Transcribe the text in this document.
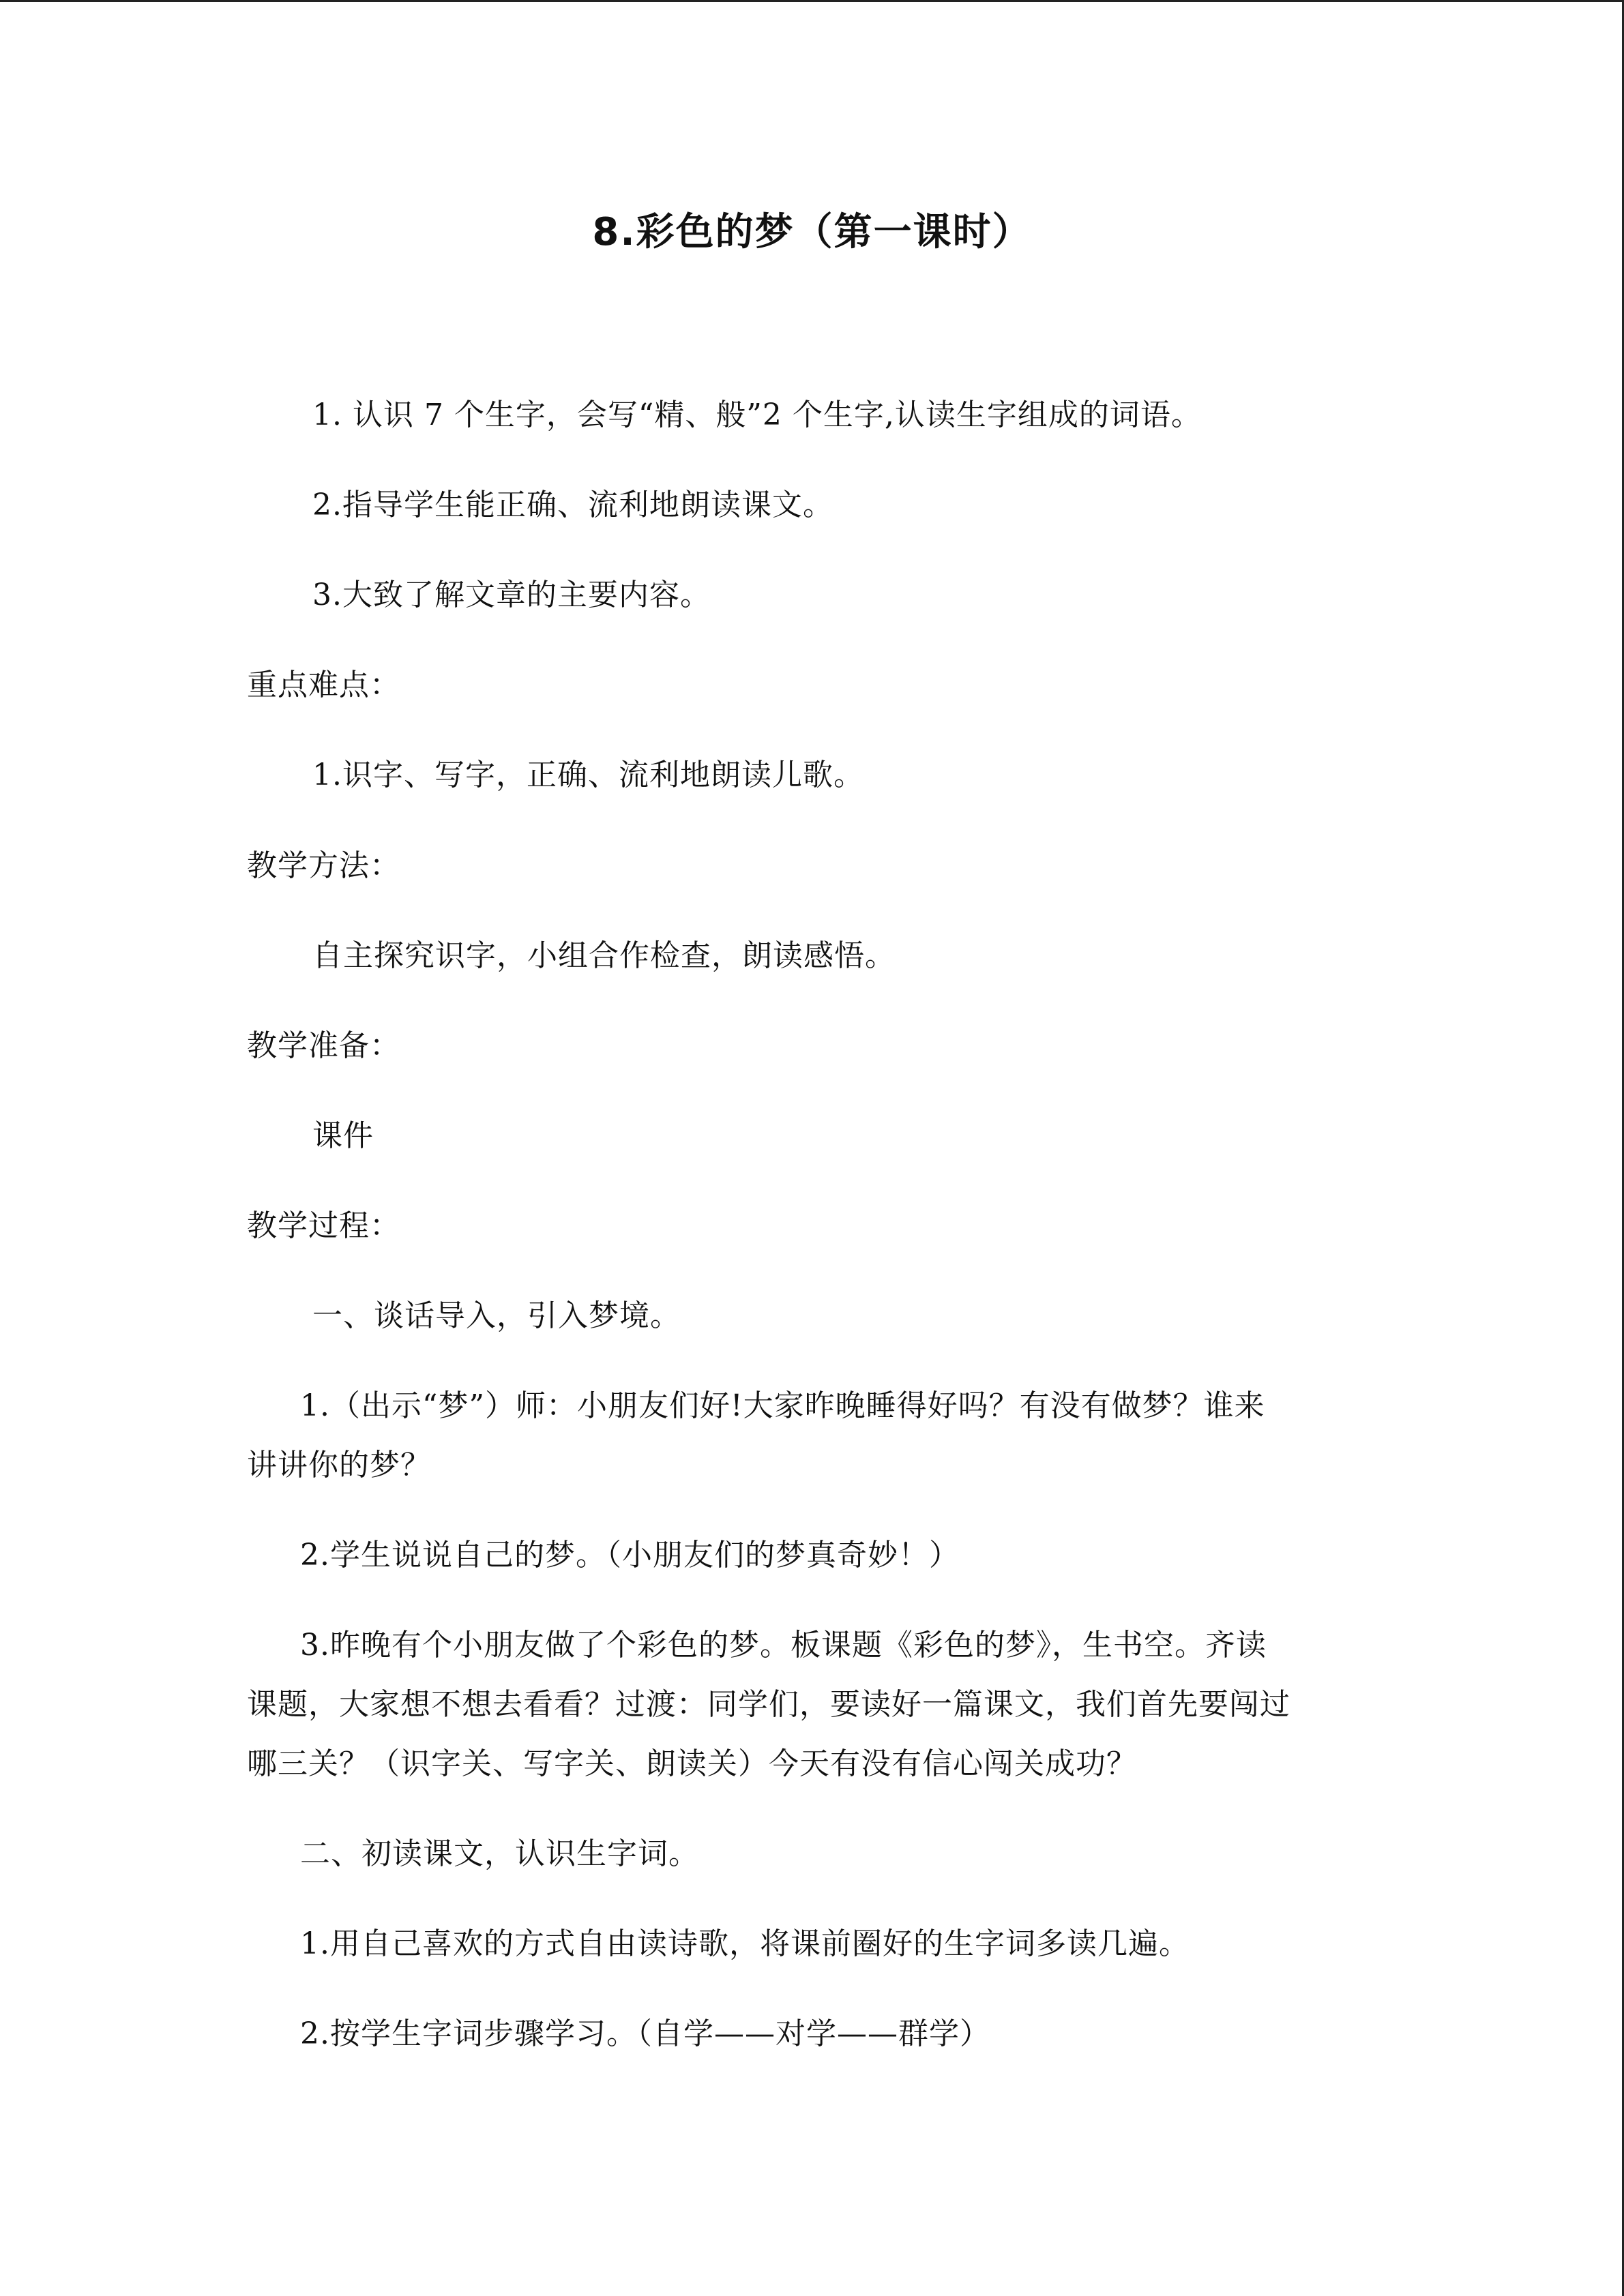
8.彩色的梦（第一课时）
1. 认识 7 个生字，会写“精、般”2 个生字,认读生字组成的词语。
2.指导学生能正确、流利地朗读课文。
3.大致了解文章的主要内容。
重点难点：
1.识字、写字，正确、流利地朗读儿歌。
教学方法：
自主探究识字，小组合作检查，朗读感悟。
教学准备：
课件
教学过程：
一、谈话导入，引入梦境。
1.（出示“梦”）师：小朋友们好!大家昨晚睡得好吗？有没有做梦？谁来
讲讲你的梦？
2.学生说说自己的梦。（小朋友们的梦真奇妙！）
3.昨晚有个小朋友做了个彩色的梦。板课题《彩色的梦》，生书空。齐读
课题，大家想不想去看看？过渡：同学们，要读好一篇课文，我们首先要闯过
哪三关？（识字关、写字关、朗读关）今天有没有信心闯关成功？
二、初读课文，认识生字词。
1.用自己喜欢的方式自由读诗歌，将课前圈好的生字词多读几遍。
2.按学生字词步骤学习。（自学——对学——群学）
